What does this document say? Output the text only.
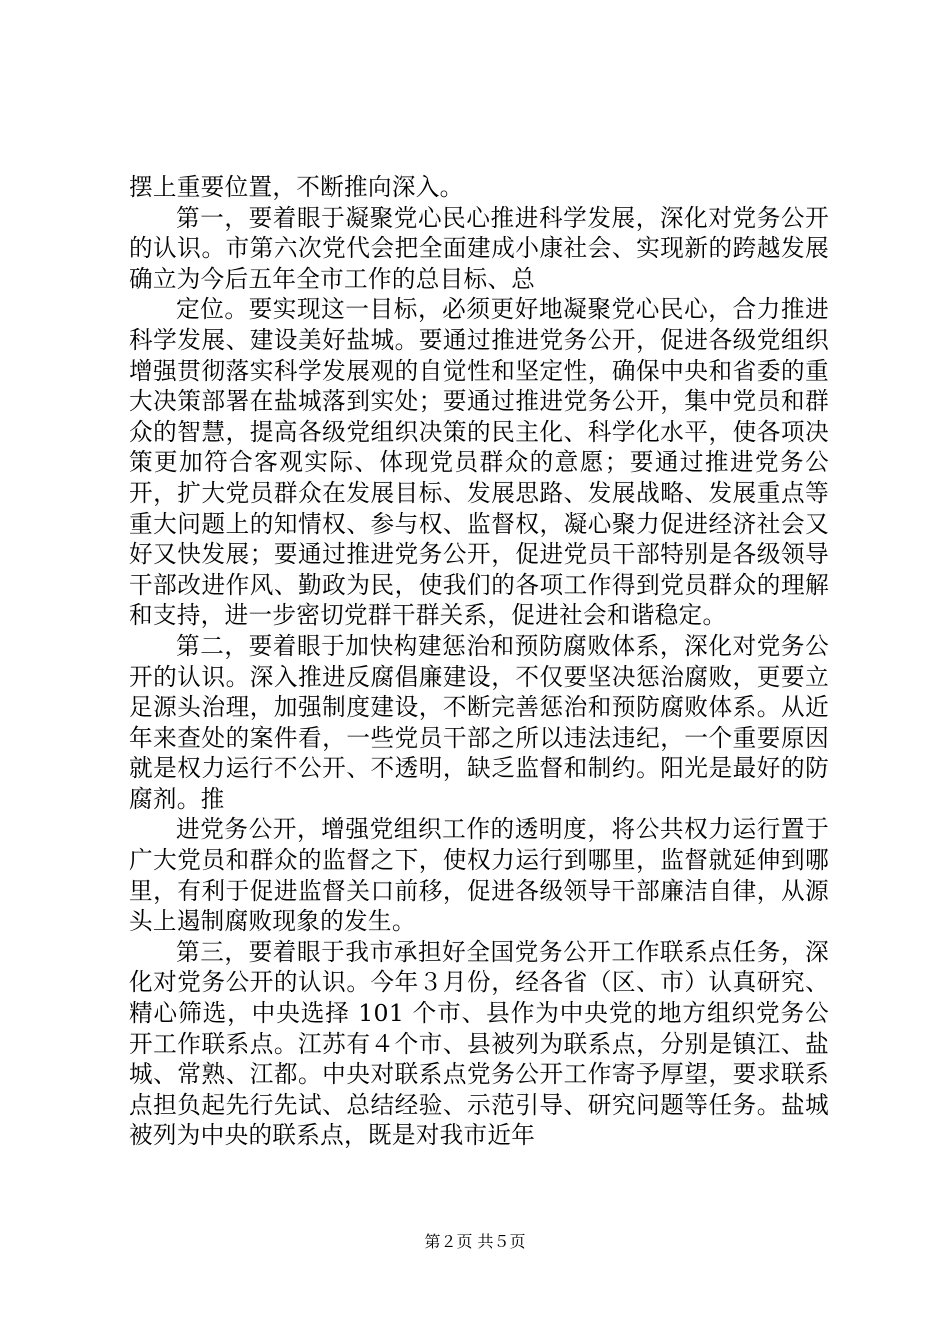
摆上重要位置，不断推向深入。

第一，要着眼于凝聚党心民心推进科学发展，深化对党务公开的认识。市第六次党代会把全面建成小康社会、实现新的跨越发展确立为今后五年全市工作的总目标、总

定位。要实现这一目标，必须更好地凝聚党心民心，合力推进科学发展、建设美好盐城。要通过推进党务公开，促进各级党组织增强贯彻落实科学发展观的自觉性和坚定性，确保中央和省委的重大决策部署在盐城落到实处；要通过推进党务公开，集中党员和群众的智慧，提高各级党组织决策的民主化、科学化水平，使各项决策更加符合客观实际、体现党员群众的意愿；要通过推进党务公开，扩大党员群众在发展目标、发展思路、发展战略、发展重点等重大问题上的知情权、参与权、监督权，凝心聚力促进经济社会又好又快发展；要通过推进党务公开，促进党员干部特别是各级领导干部改进作风、勤政为民，使我们的各项工作得到党员群众的理解和支持，进一步密切党群干群关系，促进社会和谐稳定。

第二，要着眼于加快构建惩治和预防腐败体系，深化对党务公开的认识。深入推进反腐倡廉建设，不仅要坚决惩治腐败，更要立足源头治理，加强制度建设，不断完善惩治和预防腐败体系。从近年来查处的案件看，一些党员干部之所以违法违纪，一个重要原因就是权力运行不公开、不透明，缺乏监督和制约。阳光是最好的防腐剂。推

进党务公开，增强党组织工作的透明度，将公共权力运行置于广大党员和群众的监督之下，使权力运行到哪里，监督就延伸到哪里，有利于促进监督关口前移，促进各级领导干部廉洁自律，从源头上遏制腐败现象的发生。

第三，要着眼于我市承担好全国党务公开工作联系点任务，深化对党务公开的认识。今年３月份，经各省（区、市）认真研究、精心筛选，中央选择 101 个市、县作为中央党的地方组织党务公开工作联系点。江苏有４个市、县被列为联系点，分别是镇江、盐城、常熟、江都。中央对联系点党务公开工作寄予厚望，要求联系点担负起先行先试、总结经验、示范引导、研究问题等任务。盐城被列为中央的联系点，既是对我市近年

第２页 共５页
